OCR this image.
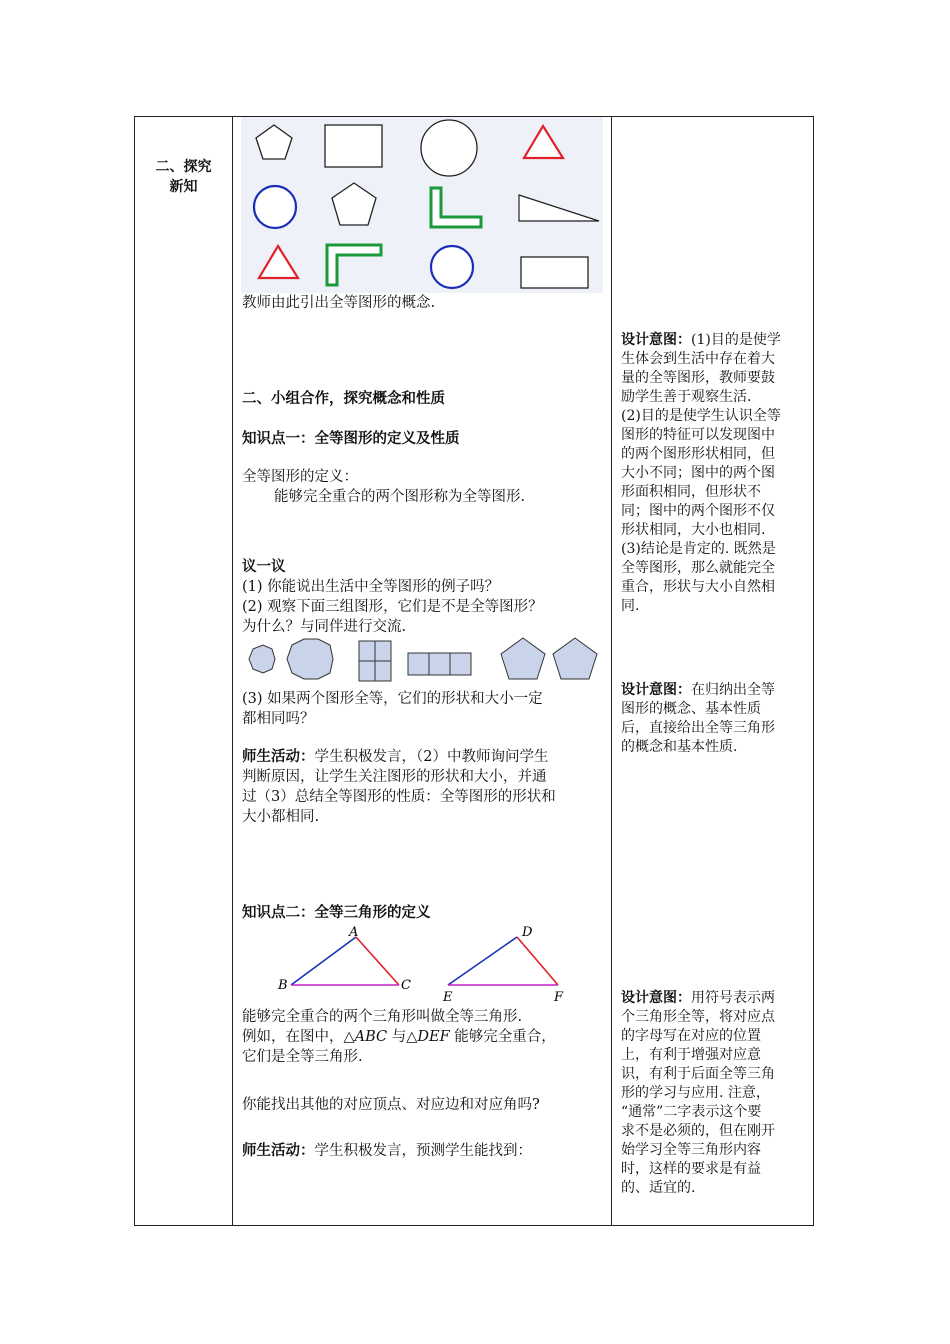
二、探究
新知
教师由此引出全等图形的概念.
二、小组合作，探究概念和性质
知识点一：全等图形的定义及性质
全等图形的定义：
能够完全重合的两个图形称为全等图形.
议一议
(1) 你能说出生活中全等图形的例子吗？
(2) 观察下面三组图形，它们是不是全等图形？
为什么？与同伴进行交流.
(3) 如果两个图形全等，它们的形状和大小一定
都相同吗？
师生活动：学生积极发言，（2）中教师询问学生
判断原因，让学生关注图形的形状和大小，并通
过（3）总结全等图形的性质：全等图形的形状和
大小都相同.
知识点二：全等三角形的定义
A
B	C
D
E	F
能够完全重合的两个三角形叫做全等三角形.
例如，在图中，△ABC 与△DEF 能够完全重合，
它们是全等三角形.
你能找出其他的对应顶点、对应边和对应角吗?
师生活动：学生积极发言，预测学生能找到：
设计意图：(1)目的是使学
生体会到生活中存在着大
量的全等图形，教师要鼓
励学生善于观察生活.
(2)目的是使学生认识全等
图形的特征可以发现图中
的两个图形形状相同，但
大小不同；图中的两个图
形面积相同，但形状不
同；图中的两个图形不仅
形状相同，大小也相同.
(3)结论是肯定的. 既然是
全等图形，那么就能完全
重合，形状与大小自然相
同.
设计意图：在归纳出全等
图形的概念、基本性质
后，直接给出全等三角形
的概念和基本性质.
设计意图：用符号表示两
个三角形全等，将对应点
的字母写在对应的位置
上，有利于增强对应意
识，有利于后面全等三角
形的学习与应用. 注意，
“通常”二字表示这个要
求不是必须的，但在刚开
始学习全等三角形内容
时，这样的要求是有益
的、适宜的.
